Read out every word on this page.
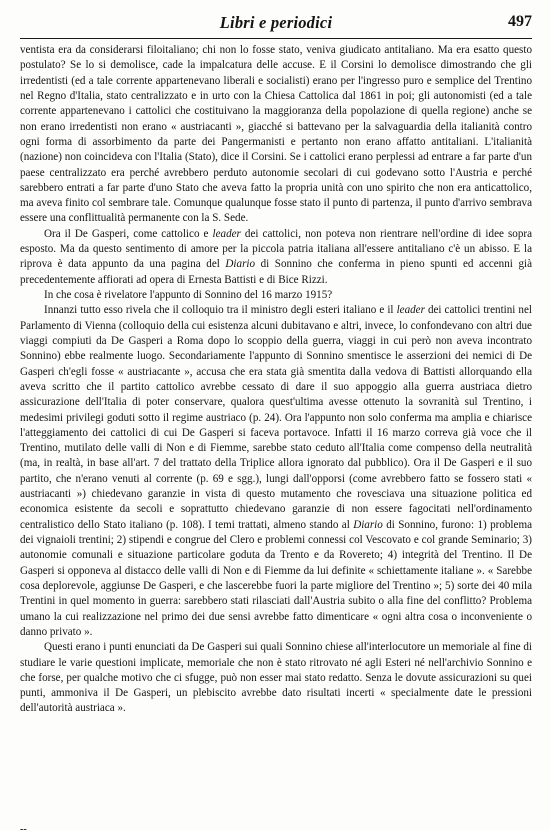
Libri e periodici	497

ventista era da considerarsi filoitaliano; chi non lo fosse stato, veniva giudicato antitaliano. Ma era esatto questo postulato? Se lo si demolisce, cade la impalcatura delle accuse. E il Corsini lo demolisce dimostrando che gli irredentisti (ed a tale corrente appartenevano liberali e socialisti) erano per l'ingresso puro e semplice del Trentino nel Regno d'Italia, stato centralizzato e in urto con la Chiesa Cattolica dal 1861 in poi; gli autonomisti (ed a tale corrente appartenevano i cattolici che costituivano la maggioranza della popolazione di quella regione) anche se non erano irredentisti non erano « austriacanti », giacché si battevano per la salvaguardia della italianità contro ogni forma di assorbimento da parte dei Pangermanisti e pertanto non erano affatto antitaliani. L'italianità (nazione) non coincideva con l'Italia (Stato), dice il Corsini. Se i cattolici erano perplessi ad entrare a far parte d'un paese centralizzato era perché avrebbero perduto autonomie secolari di cui godevano sotto l'Austria e perché sarebbero entrati a far parte d'uno Stato che aveva fatto la propria unità con uno spirito che non era anticattolico, ma aveva finito col sembrare tale. Comunque qualunque fosse stato il punto di partenza, il punto d'arrivo sembrava essere una conflittualità permanente con la S. Sede.

Ora il De Gasperi, come cattolico e leader dei cattolici, non poteva non rientrare nell'ordine di idee sopra esposto. Ma da questo sentimento di amore per la piccola patria italiana all'essere antitaliano c'è un abisso. E la riprova è data appunto da una pagina del Diario di Sonnino che conferma in pieno spunti ed accenni già precedentemente affiorati ad opera di Ernesta Battisti e di Bice Rizzi.

In che cosa è rivelatore l'appunto di Sonnino del 16 marzo 1915?

Innanzi tutto esso rivela che il colloquio tra il ministro degli esteri italiano e il leader dei cattolici trentini nel Parlamento di Vienna (colloquio della cui esistenza alcuni dubitavano e altri, invece, lo confondevano con altri due viaggi compiuti da De Gasperi a Roma dopo lo scoppio della guerra, viaggi in cui però non aveva incontrato Sonnino) ebbe realmente luogo. Secondariamente l'appunto di Sonnino smentisce le asserzioni dei nemici di De Gasperi ch'egli fosse « austriacante », accusa che era stata già smentita dalla vedova di Battisti allorquando ella aveva scritto che il partito cattolico avrebbe cessato di dare il suo appoggio alla guerra austriaca dietro assicurazione dell'Italia di poter conservare, qualora quest'ultima avesse ottenuto la sovranità sul Trentino, i medesimi privilegi goduti sotto il regime austriaco (p. 24). Ora l'appunto non solo conferma ma amplia e chiarisce l'atteggiamento dei cattolici di cui De Gasperi si faceva portavoce. Infatti il 16 marzo correva già voce che il Trentino, mutilato delle valli di Non e di Fiemme, sarebbe stato ceduto all'Italia come compenso della neutralità (ma, in realtà, in base all'art. 7 del trattato della Triplice allora ignorato dal pubblico). Ora il De Gasperi e il suo partito, che n'erano venuti al corrente (p. 69 e sgg.), lungi dall'opporsi (come avrebbero fatto se fossero stati « austriacanti ») chiedevano garanzie in vista di questo mutamento che rovesciava una situazione politica ed economica esistente da secoli e soprattutto chiedevano garanzie di non essere fagocitati nell'ordinamento centralistico dello Stato italiano (p. 108). I temi trattati, almeno stando al Diario di Sonnino, furono: 1) problema dei vignaioli trentini; 2) stipendi e congrue del Clero e problemi connessi col Vescovato e col grande Seminario; 3) autonomie comunali e situazione particolare goduta da Trento e da Rovereto; 4) integrità del Trentino. Il De Gasperi si opponeva al distacco delle valli di Non e di Fiemme da lui definite « schiettamente italiane ». « Sarebbe cosa deplorevole, aggiunse De Gasperi, e che lascerebbe fuori la parte migliore del Trentino »; 5) sorte dei 40 mila Trentini in quel momento in guerra: sarebbero stati rilasciati dall'Austria subito o alla fine del conflitto? Problema umano la cui realizzazione nel primo dei due sensi avrebbe fatto dimenticare « ogni altra cosa o inconveniente o danno privato ».

Questi erano i punti enunciati da De Gasperi sui quali Sonnino chiese all'interlocutore un memoriale al fine di studiare le varie questioni implicate, memoriale che non è stato ritrovato né agli Esteri né nell'archivio Sonnino e che forse, per qualche motivo che ci sfugge, può non esser mai stato redatto. Senza le dovute assicurazioni su quei punti, ammoniva il De Gasperi, un plebiscito avrebbe dato risultati incerti « specialmente date le pressioni dell'autorità austriaca ».

‑‑
